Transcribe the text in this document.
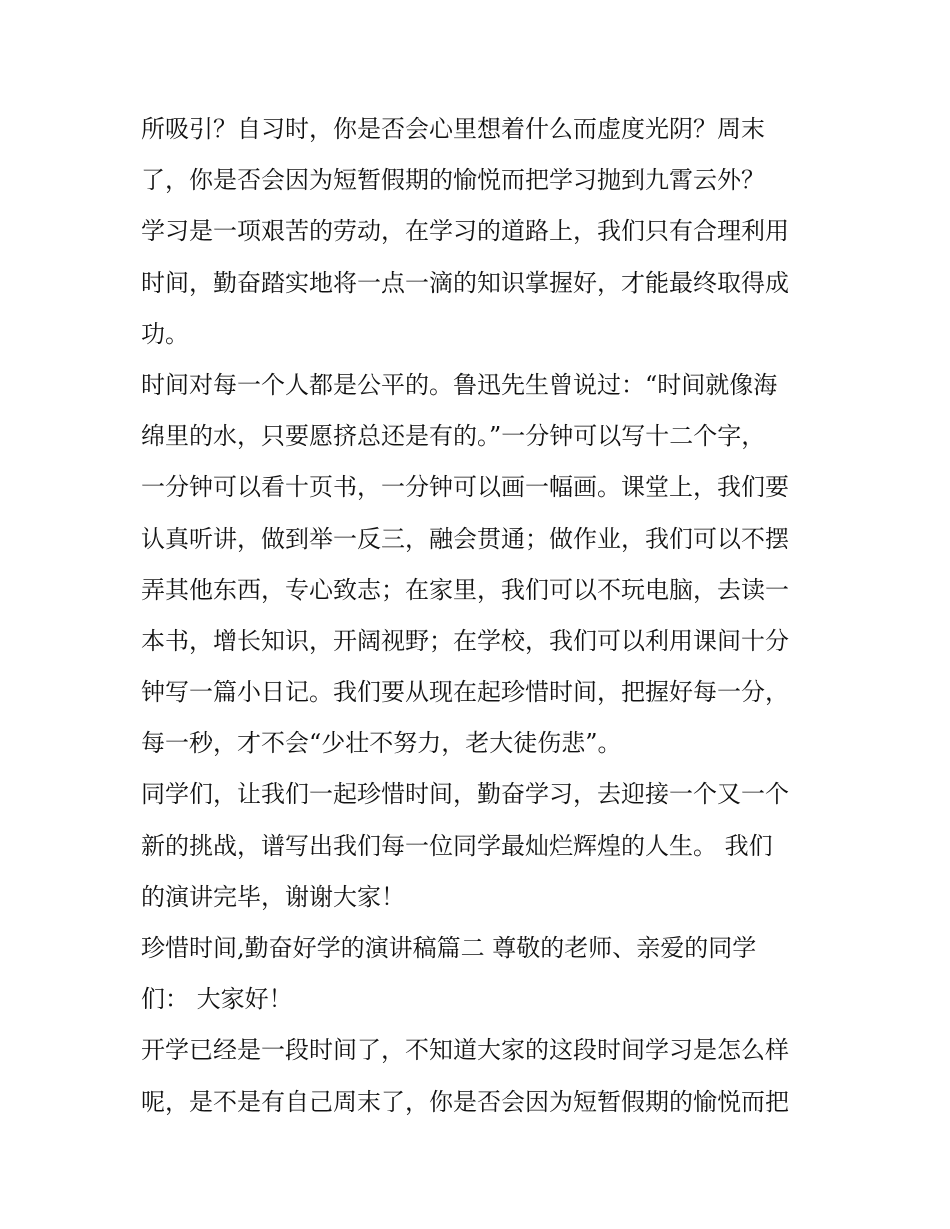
所吸引？自习时，你是否会心里想着什么而虚度光阴？周末
了，你是否会因为短暂假期的愉悦而把学习抛到九霄云外？
学习是一项艰苦的劳动，在学习的道路上，我们只有合理利用
时间，勤奋踏实地将一点一滴的知识掌握好，才能最终取得成
功。
时间对每一个人都是公平的。鲁迅先生曾说过：“时间就像海
绵里的水，只要愿挤总还是有的。”一分钟可以写十二个字，
一分钟可以看十页书，一分钟可以画一幅画。课堂上，我们要
认真听讲，做到举一反三，融会贯通；做作业，我们可以不摆
弄其他东西，专心致志；在家里，我们可以不玩电脑，去读一
本书，增长知识，开阔视野；在学校，我们可以利用课间十分
钟写一篇小日记。我们要从现在起珍惜时间，把握好每一分，
每一秒，才不会“少壮不努力，老大徒伤悲”。
同学们，让我们一起珍惜时间，勤奋学习，去迎接一个又一个
新的挑战，谱写出我们每一位同学最灿烂辉煌的人生。 我们
的演讲完毕，谢谢大家！
珍惜时间,勤奋好学的演讲稿篇二 尊敬的老师、亲爱的同学
们： 大家好！
开学已经是一段时间了，不知道大家的这段时间学习是怎么样
呢，是不是有自己周末了，你是否会因为短暂假期的愉悦而把
